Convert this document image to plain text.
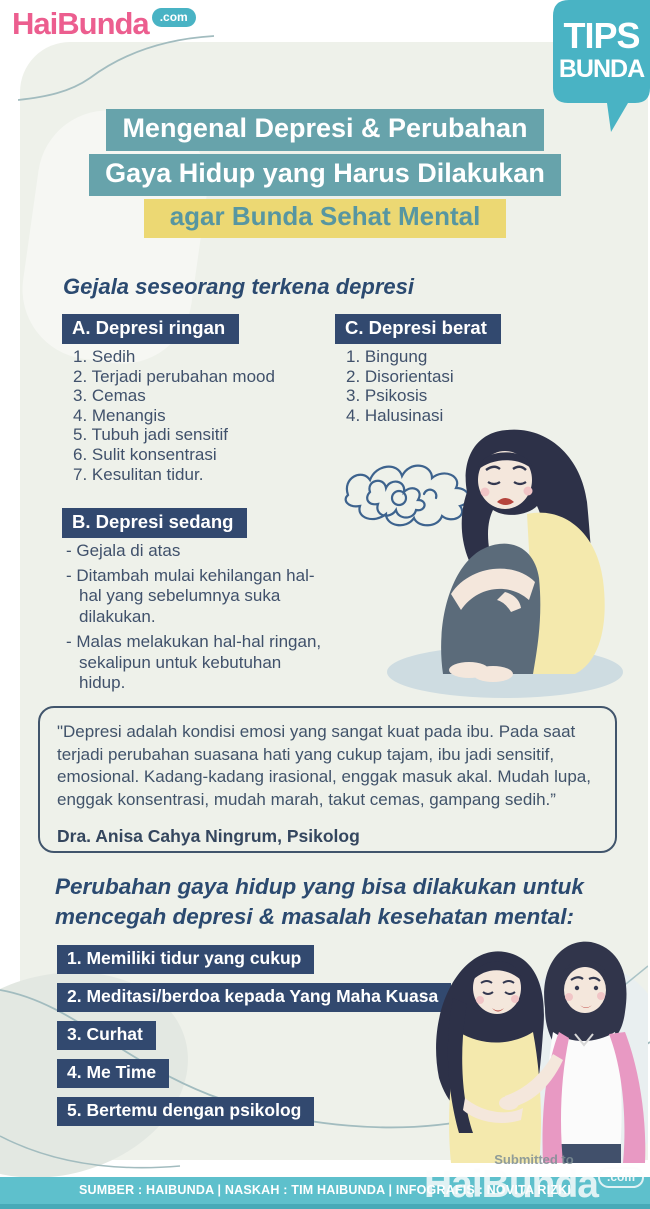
HaiBunda .com	TIPS
BUNDA
Mengenal Depresi & Perubahan
Gaya Hidup yang Harus Dilakukan
agar Bunda Sehat Mental
Gejala seseorang terkena depresi
A. Depresi ringan
1. Sedih
2. Terjadi perubahan mood
3. Cemas
4. Menangis
5. Tubuh jadi sensitif
6. Sulit konsentrasi
7. Kesulitan tidur.
C. Depresi berat
1. Bingung
2. Disorientasi
3. Psikosis
4. Halusinasi
B. Depresi sedang
- Gejala di atas
- Ditambah mulai kehilangan hal-hal yang sebelumnya suka dilakukan.
- Malas melakukan hal-hal ringan, sekalipun untuk kebutuhan hidup.

"Depresi adalah kondisi emosi yang sangat kuat pada ibu. Pada saat terjadi perubahan suasana hati yang cukup tajam, ibu jadi sensitif, emosional. Kadang-kadang irasional, enggak masuk akal. Mudah lupa, enggak konsentrasi, mudah marah, takut cemas, gampang sedih.”

Dra. Anisa Cahya Ningrum, Psikolog

Perubahan gaya hidup yang bisa dilakukan untuk mencegah depresi & masalah kesehatan mental:
1. Memiliki tidur yang cukup
2. Meditasi/berdoa kepada Yang Maha Kuasa
3. Curhat
4. Me Time
5. Bertemu dengan psikolog
SUMBER : HAIBUNDA | NASKAH : TIM HAIBUNDA | INFOGRAFIS : NOVITA RIZKI
Submitted to
HaiBunda .com
